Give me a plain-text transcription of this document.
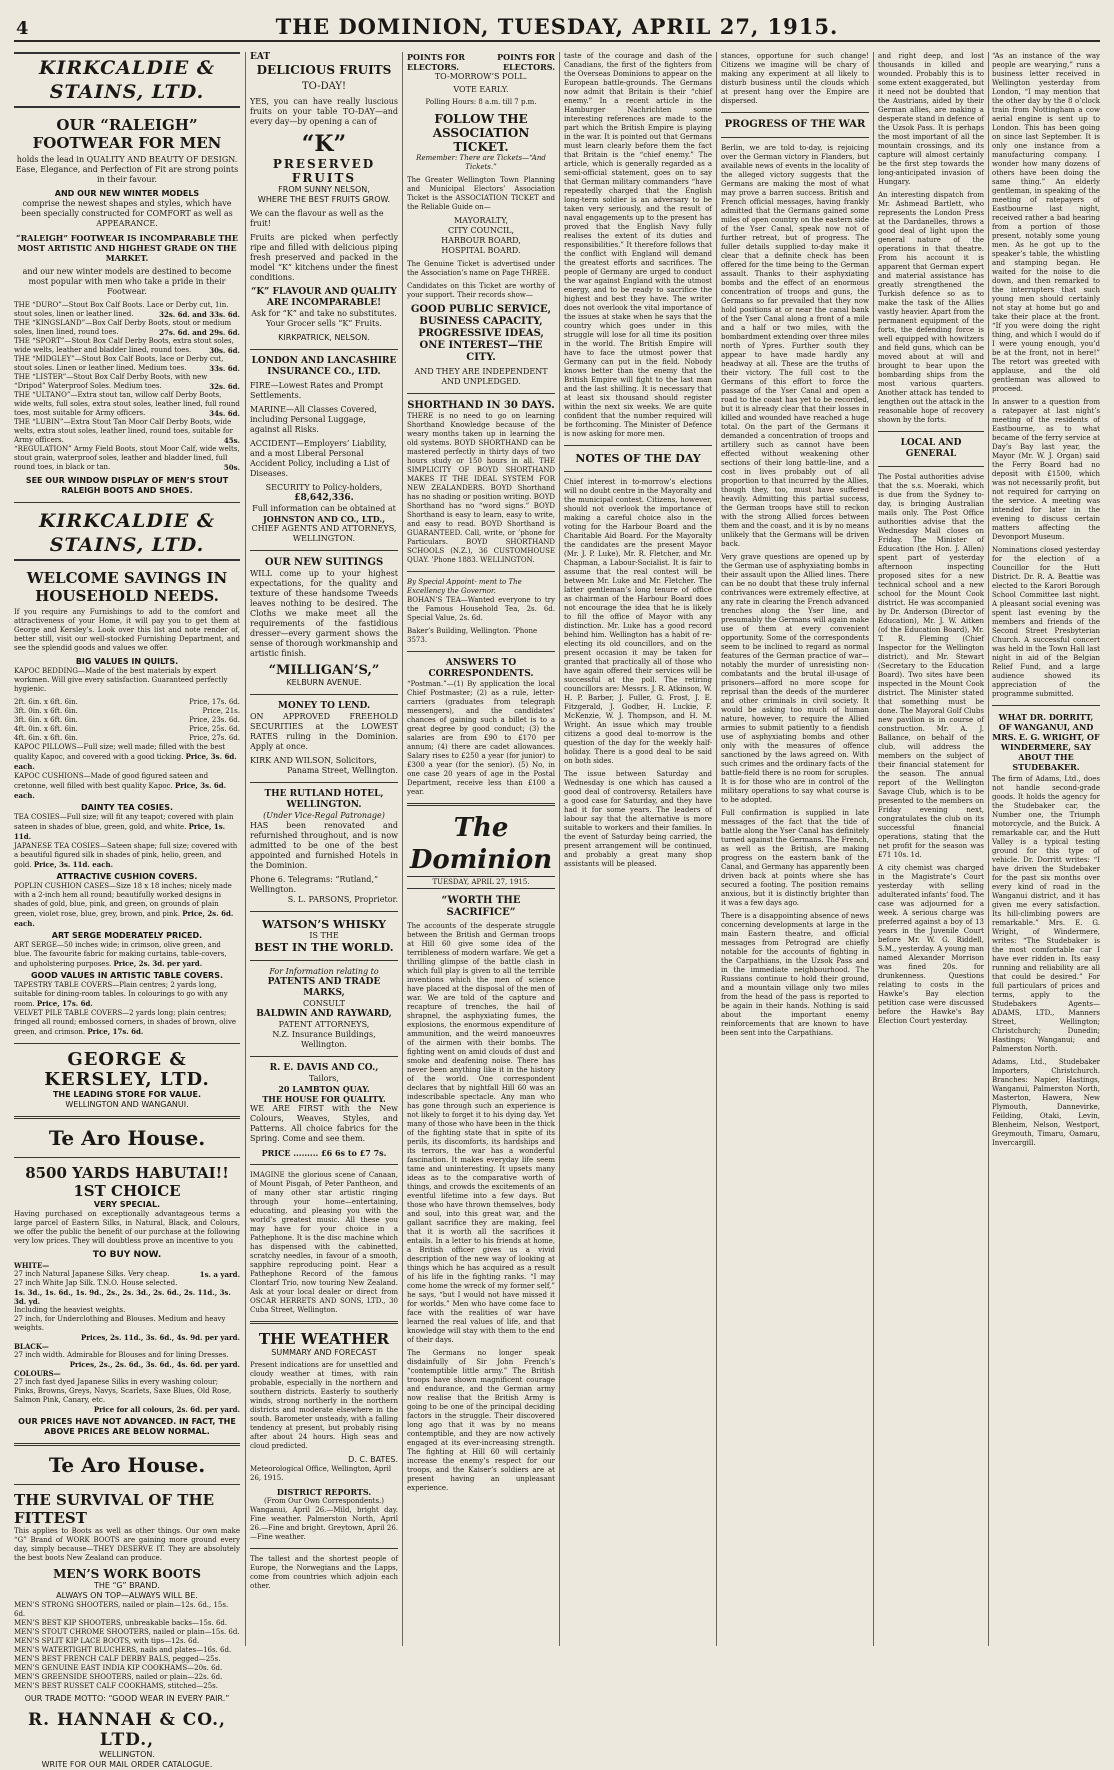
4	THE DOMINION, TUESDAY, APRIL 27, 1915.
KIRKCALDIE & STAINS, LTD.
OUR “RALEIGH” FOOTWEAR FOR MEN

holds the lead in QUALITY AND BEAUTY OF DESIGN. Ease, Elegance, and Perfection of Fit are strong points in their favour.

AND OUR NEW WINTER MODELS

comprise the newest shapes and styles, which have been specially constructed for COMFORT as well as APPEARANCE.

“RALEIGH” FOOTWEAR IS INCOMPARABLE THE MOST ARTISTIC AND HIGHEST GRADE ON THE MARKET.

and our new winter models are destined to become most popular with men who take a pride in their Footwear.

THE “DURO”—Stout Box Calf Boots. Lace or Derby cut, 1in. stout soles, linen or leather lined.	32s. 6d. and 33s. 6d.
THE “KINGSLAND”—Box Calf Derby Boots, stout or medium soles, linen lined, round toes.	27s. 6d. and 29s. 6d.
THE “SPORT”—Stout Box Calf Derby Boots, extra stout soles, wide welts, leather and bladder lined, round toes.	30s. 6d.
THE “MIDGLEY”—Stout Box Calf Boots, lace or Derby cut, stout soles. Linen or leather lined. Medium toes.	33s. 6d.
THE “LISTER”—Stout Box Calf Derby Boots, with new “Dripod” Waterproof Soles. Medium toes.	32s. 6d.
THE “ULTANO”—Extra stout tan, willow calf Derby Boots, wide welts, full soles, extra stout soles, leather lined, full round toes, most suitable for Army officers.	34s. 6d.
THE “LUBIN”—Extra Stout Tan Moor Calf Derby Boots, wide welts, extra stout soles, leather lined, round toes, suitable for Army officers.	45s.
“REGULATION” Army Field Boots, stout Moor Calf, wide welts, stout grain, waterproof soles, leather and bladder lined, full round toes, in black or tan.	50s.
SEE OUR WINDOW DISPLAY OF MEN’S STOUT RALEIGH BOOTS AND SHOES.
KIRKCALDIE & STAINS, LTD.
WELCOME SAVINGS IN HOUSEHOLD NEEDS.

If you require any Furnishings to add to the comfort and attractiveness of your Home, it will pay you to get them at George and Kersley’s. Look over this list and note render of, better still, visit our well-stocked Furnishing Department, and see the splendid goods and values we offer.

BIG VALUES IN QUILTS.

KAPOC BEDDING—Made of the best materials by expert workmen. Will give every satisfaction. Guaranteed perfectly hygienic.

2ft. 6in. x 6ft. 6in.	Price, 17s. 6d.
3ft. 0in. x 6ft. 6in.	Price, 21s.
3ft. 6in. x 6ft. 6in.	Price, 23s. 6d.
4ft. 0in. x 6ft. 6in.	Price, 25s. 6d.
4ft. 6in. x 6ft. 6in.	Price, 27s. 6d.
KAPOC PILLOWS—Full size; well made; filled with the best quality Kapoc, and covered with a good ticking. Price, 3s. 6d. each.
KAPOC CUSHIONS—Made of good figured sateen and cretonne, well filled with best quality Kapoc. Price, 3s. 6d. each.
DAINTY TEA COSIES.
TEA COSIES—Full size; will fit any teapot; covered with plain sateen in shades of blue, green, gold, and white. Price, 1s. 11d.
JAPANESE TEA COSIES—Sateen shape; full size; covered with a beautiful figured silk in shades of pink, helio, green, and gold. Price, 3s. 11d. each.
ATTRACTIVE CUSHION COVERS.
POPLIN CUSHION CASES—Size 18 x 18 inches; nicely made with a 2-inch hem all round; beautifully worked designs in shades of gold, blue, pink, and green, on grounds of plain green, violet rose, blue, grey, brown, and pink. Price, 2s. 6d. each.
ART SERGE MODERATELY PRICED.
ART SERGE—50 inches wide; in crimson, olive green, and blue. The favourite fabric for making curtains, table-covers, and upholstering purposes. Price, 2s. 3d. per yard.
GOOD VALUES IN ARTISTIC TABLE COVERS.
TAPESTRY TABLE COVERS—Plain centres; 2 yards long, suitable for dining-room tables. In colourings to go with any room. Price, 17s. 6d.
VELVET PILE TABLE COVERS—2 yards long; plain centres; fringed all round; embossed corners, in shades of brown, olive green, and crimson. Price, 17s. 6d.
GEORGE & KERSLEY, LTD.
THE LEADING STORE FOR VALUE.
WELLINGTON AND WANGANUI.
Te Aro House.
8500 YARDS HABUTAI!! 1ST CHOICE
VERY SPECIAL.

Having purchased on exceptionally advantageous terms a large parcel of Eastern Silks, in Natural, Black, and Colours, we offer the public the benefit of our purchase at the following very low prices. They will doubtless prove an incentive to you

TO BUY NOW.
WHITE—
27 inch Natural Japanese Silks. Very cheap.	1s. a yard.
27 inch White Jap Silk. T.N.O. House selected.
1s. 3d., 1s. 6d., 1s. 9d., 2s., 2s. 3d., 2s. 6d., 2s. 11d., 3s. 3d. yd.
Including the heaviest weights.
27 inch, for Underclothing and Blouses. Medium and heavy weights.
Prices, 2s. 11d., 3s. 6d., 4s. 9d. per yard.
BLACK—
27 inch width. Admirable for Blouses and for lining Dresses.
Prices, 2s., 2s. 6d., 3s. 6d., 4s. 6d. per yard.
COLOURS—
27 inch fast dyed Japanese Silks in every washing colour; Pinks, Browns, Greys, Navys, Scarlets, Saxe Blues, Old Rose, Salmon Pink, Canary, etc.
Price for all colours, 2s. 6d. per yard.
OUR PRICES HAVE NOT ADVANCED. IN FACT, THE ABOVE PRICES ARE BELOW NORMAL.
Te Aro House.
THE SURVIVAL OF THE FITTEST

This applies to Boots as well as other things. Our own make “G” Brand of WORK BOOTS are gaining more ground every day, simply because—THEY DESERVE IT. They are absolutely the best boots New Zealand can produce.

MEN’S WORK BOOTS
THE “G” BRAND.
ALWAYS ON TOP—ALWAYS WILL BE.
MEN’S STRONG SHOOTERS, nailed or plain—12s. 6d., 15s. 6d.
MEN’S BEST KIP SHOOTERS, unbreakable backs—15s. 6d.
MEN’S STOUT CHROME SHOOTERS, nailed or plain—15s. 6d.
MEN’S SPLIT KIP LACE BOOTS, with tips—12s. 6d.
MEN’S WATERTIGHT BLUCHERS, nails and plates—16s. 6d.
MEN’S BEST FRENCH CALF DERBY BALS, pegged—25s.
MEN’S GENUINE EAST INDIA KIP COOKHAMS—20s. 6d.
MEN’S GREENSIDE SHOOTERS, nailed or plain—22s. 6d.
MEN’S BEST RUSSET CALF COOKHAMS, stitched—25s.
OUR TRADE MOTTO: “GOOD WEAR IN EVERY PAIR.”
R. HANNAH & CO., LTD.,
WELLINGTON.
WRITE FOR OUR MAIL ORDER CATALOGUE.
EAT
DELICIOUS FRUITS
TO-DAY!

YES, you can have really luscious fruits on your table TO-DAY—and every day—by opening a can of

“K”
PRESERVED
FRUITS
FROM SUNNY NELSON,
WHERE THE BEST FRUITS GROW.

We can the flavour as well as the fruit!

Fruits are picked when perfectly ripe and filled with delicious piping fresh preserved and packed in the model “K” kitchens under the finest conditions.

“K” FLAVOUR AND QUALITY ARE INCOMPARABLE!

Ask for “K” and take no substitutes. Your Grocer sells “K” Fruits.

KIRKPATRICK, NELSON.
LONDON AND LANCASHIRE INSURANCE CO., LTD.

FIRE—Lowest Rates and Prompt Settlements.

MARINE—All Classes Covered, including Personal Luggage, against all Risks.

ACCIDENT—Employers’ Liability, and a most Liberal Personal Accident Policy, including a List of Diseases.

SECURITY to Policy-holders,
£8,642,336.
Full information can be obtained at
JOHNSTON AND CO., LTD.,
CHIEF AGENTS AND ATTORNEYS,
WELLINGTON.
OUR NEW SUITINGS

WILL come up to your highest expectations, for the quality and texture of these handsome Tweeds leaves nothing to be desired. The Cloths we make meet all the requirements of the fastidious dresser—every garment shows the sense of thorough workmanship and artistic finish.

“MILLIGAN’S,”
KELBURN AVENUE.
MONEY TO LEND.

ON APPROVED FREEHOLD SECURITIES at the LOWEST RATES ruling in the Dominion. Apply at once.

KIRK AND WILSON, Solicitors,
Panama Street, Wellington.
THE RUTLAND HOTEL, WELLINGTON.
(Under Vice-Regal Patronage)

HAS been renovated and refurnished throughout, and is now admitted to be one of the best appointed and furnished Hotels in the Dominion.

Phone 6. Telegrams: “Rutland,” Wellington.
S. L. PARSONS, Proprietor.
WATSON’S WHISKY
IS THE
BEST IN THE WORLD.
For Information relating to
PATENTS AND TRADE MARKS,
CONSULT
BALDWIN AND RAYWARD,
PATENT ATTORNEYS,
N.Z. Insurance Buildings, Wellington.
R. E. DAVIS AND CO.,
Tailors,
20 LAMBTON QUAY.
THE HOUSE FOR QUALITY.

WE ARE FIRST with the New Colours, Weaves, Styles, and Patterns. All choice fabrics for the Spring. Come and see them.

PRICE ......... £6 6s to £7 7s.

IMAGINE the glorious scene of Canaan, of Mount Pisgah, of Peter Pantheon, and of many other star artistic ringing through your home—entertaining, educating, and pleasing you with the world’s greatest music. All these you may have for your choice in a Pathephone. It is the disc machine which has dispensed with the cabinetted, scratchy needles, in favour of a smooth, sapphire reproducing point. Hear a Pathephone Record of the famous Clontarf Trio, now touring New Zealand. Ask at your local dealer or direct from OSCAR HERRETS AND SONS, LTD., 30 Cuba Street, Wellington.

THE WEATHER
SUMMARY AND FORECAST

Present indications are for unsettled and cloudy weather at times, with rain probable, especially in the northern and southern districts. Easterly to southerly winds, strong northerly in the northern districts and moderate elsewhere in the south. Barometer unsteady, with a falling tendency at present, but probably rising after about 24 hours. High seas and cloud predicted.

D. C. BATES.
Meteorological Office, Wellington, April 26, 1915.
DISTRICT REPORTS.
(From Our Own Correspondents.)

Wanganui, April 26.—Mild, bright day. Fine weather. Palmerston North, April 26.—Fine and bright. Greytown, April 26.—Fine weather.

The tallest and the shortest people of Europe, the Norwegians and the Lapps, come from countries which adjoin each other.

POINTS FOR ELECTORS.
POINTS FOR ELECTORS.
TO-MORROW’S POLL.
VOTE EARLY.
Polling Hours: 8 a.m. till 7 p.m.
FOLLOW THE ASSOCIATION TICKET.
Remember: There are Tickets—“And Tickets.”

The Greater Wellington Town Planning and Municipal Electors’ Association Ticket is the ASSOCIATION TICKET and the Reliable Guide on—

MAYORALTY,
CITY COUNCIL,
HARBOUR BOARD,
HOSPITAL BOARD.

The Genuine Ticket is advertised under the Association’s name on Page THREE.

Candidates on this Ticket are worthy of your support. Their records show—

GOOD PUBLIC SERVICE,
BUSINESS CAPACITY,
PROGRESSIVE IDEAS,
ONE INTEREST—THE CITY.
AND THEY ARE INDEPENDENT AND UNPLEDGED.
SHORTHAND IN 30 DAYS.

THERE is no need to go on learning Shorthand Knowledge because of the weary months taken up in learning the old systems. BOYD SHORTHAND can be mastered perfectly in thirty days of two hours study or 150 hours in all. THE SIMPLICITY OF BOYD SHORTHAND MAKES IT THE IDEAL SYSTEM FOR NEW ZEALANDERS. BOYD Shorthand has no shading or position writing. BOYD Shorthand has no “word signs.” BOYD Shorthand is easy to learn, easy to write, and easy to read. BOYD Shorthand is GUARANTEED. Call, write, or ’phone for Particulars. BOYD SHORTHAND SCHOOLS (N.Z.), 36 CUSTOMHOUSE QUAY. ’Phone 1883. WELLINGTON.

By Special Appoint- ment to The Excellency the Governor.

BOHAN’S TEA—Wanted everyone to try the Famous Household Tea, 2s. 6d. Special Value, 2s. 6d.

Baker’s Building, Wellington. ’Phone 3573.
ANSWERS TO CORRESPONDENTS.

“Postman.”—(1) By application the local Chief Postmaster; (2) as a rule, letter-carriers (graduates from telegraph messengers), and the candidates’ chances of gaining such a billet is to a great degree by good conduct; (3) the salaries are from £90 to £170 per annum; (4) there are cadet allowances. Salary rises to £250 a year (for junior) to £300 a year (for the senior). (5) No, in one case 20 years of age in the Postal Department, receive less than £100 a year.

The Dominion
TUESDAY, APRIL 27, 1915.
“WORTH THE SACRIFICE”

The accounts of the desperate struggle between the British and German troops at Hill 60 give some idea of the terribleness of modern warfare. We get a thrilling glimpse of the battle clash in which full play is given to all the terrible inventions which the men of science have placed at the disposal of the men of war. We are told of the capture and recapture of trenches, the hail of shrapnel, the asphyxiating fumes, the explosions, the enormous expenditure of ammunition, and the weird manoeuvres of the airmen with their bombs. The fighting went on amid clouds of dust and smoke and deafening noise. There has never been anything like it in the history of the world. One correspondent declares that by nightfall Hill 60 was an indescribable spectacle. Any man who has gone through such an experience is not likely to forget it to his dying day. Yet many of those who have been in the thick of the fighting state that in spite of its perils, its discomforts, its hardships and its terrors, the war has a wonderful fascination. It makes everyday life seem tame and uninteresting. It upsets many ideas as to the comparative worth of things, and crowds the excitements of an eventful lifetime into a few days. But those who have thrown themselves, body and soul, into this great war, and the gallant sacrifice they are making, feel that it is worth all the sacrifices it entails. In a letter to his friends at home, a British officer gives us a vivid description of the new way of looking at things which he has acquired as a result of his life in the fighting ranks. “I may come home the wreck of my former self,” he says, “but I would not have missed it for worlds.” Men who have come face to face with the realities of war have learned the real values of life, and that knowledge will stay with them to the end of their days.

The Germans no longer speak disdainfully of Sir John French’s “contemptible little army.” The British troops have shown magnificent courage and endurance, and the German army now realise that the British Army is going to be one of the principal deciding factors in the struggle. Their discovered long ago that it was by no means contemptible, and they are now actively engaged at its ever-increasing strength. The fighting at Hill 60 will certainly increase the enemy’s respect for our troops, and the Kaiser’s soldiers are at present having an unpleasant experience.

taste of the courage and dash of the Canadians, the first of the fighters from the Overseas Dominions to appear on the European battle-grounds. The Germans now admit that Britain is their “chief enemy.” In a recent article in the Hamburger Nachrichten some interesting references are made to the part which the British Empire is playing in the war. It is pointed out that Germans must learn clearly before them the fact that Britain is the “chief enemy.” The article, which is generally regarded as a semi-official statement, goes on to say that German military commanders “have repeatedly charged that the English long-term soldier is an adversary to be taken very seriously, and the result of naval engagements up to the present has proved that the English Navy fully realises the extent of its duties and responsibilities.” It therefore follows that the conflict with England will demand the greatest efforts and sacrifices. The people of Germany are urged to conduct the war against England with the utmost energy, and to be ready to sacrifice the highest and best they have. The writer does not overlook the vital importance of the issues at stake when he says that the country which goes under in this struggle will lose for all time its position in the world. The British Empire will have to face the utmost power that Germany can put in the field. Nobody knows better than the enemy that the British Empire will fight to the last man and the last shilling. It is necessary that at least six thousand should register within the next six weeks. We are quite confident that the number required will be forthcoming. The Minister of Defence is now asking for more men.

NOTES OF THE DAY

Chief interest in to-morrow’s elections will no doubt centre in the Mayoralty and the municipal contest. Citizens, however, should not overlook the importance of making a careful choice also in the voting for the Harbour Board and the Charitable Aid Board. For the Mayoralty the candidates are the present Mayor (Mr. J. P. Luke), Mr. R. Fletcher, and Mr. Chapman, a Labour-Socialist. It is fair to assume that the real contest will be between Mr. Luke and Mr. Fletcher. The latter gentleman’s long tenure of office as chairman of the Harbour Board does not encourage the idea that he is likely to fill the office of Mayor with any distinction. Mr. Luke has a good record behind him. Wellington has a habit of re-electing its old councillors, and on the present occasion it may be taken for granted that practically all of those who have again offered their services will be successful at the poll. The retiring councillors are: Messrs. J. R. Atkinson, W. H. P. Barber, J. Fuller, G. Frost, J. E. Fitzgerald, J. Godber, H. Luckie, F. McKenzie, W. J. Thompson, and H. M. Wright. An issue which may trouble citizens a good deal to-morrow is the question of the day for the weekly half-holiday. There is a good deal to be said on both sides.

The issue between Saturday and Wednesday is one which has caused a good deal of controversy. Retailers have a good case for Saturday, and they have had it for some years. The leaders of labour say that the alternative is more suitable to workers and their families. In the event of Saturday being carried, the present arrangement will be continued, and probably a great many shop assistants will be pleased.

stances, opportune for such change! Citizens we imagine will be chary of making any experiment at all likely to disturb business until the clouds which at present hang over the Empire are dispersed.

PROGRESS OF THE WAR

Berlin, we are told to-day, is rejoicing over the German victory in Flanders, but available news of events in the locality of the alleged victory suggests that the Germans are making the most of what may prove a barren success. British and French official messages, having frankly admitted that the Germans gained some miles of open country on the eastern side of the Yser Canal, speak now not of further retreat, but of progress. The fuller details supplied to-day make it clear that a definite check has been offered for the time being to the German assault. Thanks to their asphyxiating bombs and the effect of an enormous concentration of troops and guns, the Germans so far prevailed that they now hold positions at or near the canal bank of the Yser Canal along a front of a mile and a half or two miles, with the bombardment extending over three miles north of Ypres. Further south they appear to have made hardly any headway at all. These are the truths of their victory. The full cost to the Germans of this effort to force the passage of the Yser Canal and open a road to the coast has yet to be recorded, but it is already clear that their losses in killed and wounded have reached a huge total. On the part of the Germans it demanded a concentration of troops and artillery such as cannot have been effected without weakening other sections of their long battle-line, and a cost in lives probably out of all proportion to that incurred by the Allies, though they, too, must have suffered heavily. Admitting this partial success, the German troops have still to reckon with the strong Allied forces between them and the coast, and it is by no means unlikely that the Germans will be driven back.

Very grave questions are opened up by the German use of asphyxiating bombs in their assault upon the Allied lines. There can be no doubt that these truly infernal contrivances were extremely effective, at any rate in clearing the French advanced trenches along the Yser line, and presumably the Germans will again make use of them at every convenient opportunity. Some of the correspondents seem to be inclined to regard as normal features of the German practice of war—notably the murder of unresisting non-combatants and the brutal ill-usage of prisoners—afford no more scope for reprisal than the deeds of the murderer and other criminals in civil society. It would be asking too much of human nature, however, to require the Allied armies to submit patiently to a fiendish use of asphyxiating bombs and other only with the measures of offence sanctioned by the laws agreed on. With such crimes and the ordinary facts of the battle-field there is no room for scruples. It is for those who are in control of the military operations to say what course is to be adopted.

Full confirmation is supplied in late messages of the fact that the tide of battle along the Yser Canal has definitely turned against the Germans. The French, as well as the British, are making progress on the eastern bank of the Canal, and Germany has apparently been driven back at points where she has secured a footing. The position remains anxious, but it is distinctly brighter than it was a few days ago.

There is a disappointing absence of news concerning developments at large in the main Eastern theatre, and official messages from Petrograd are chiefly notable for the accounts of fighting in the Carpathians, in the Uzsok Pass and in the immediate neighbourhood. The Russians continue to hold their ground, and a mountain village only two miles from the head of the pass is reported to be again in their hands. Nothing is said about the important enemy reinforcements that are known to have been sent into the Carpathians.

and right deep, and lost thousands in killed and wounded. Probably this is to some extent exaggerated, but it need not be doubted that the Austrians, aided by their German allies, are making a desperate stand in defence of the Uzsok Pass. It is perhaps the most important of all the mountain crossings, and its capture will almost certainly be the first step towards the long-anticipated invasion of Hungary.

An interesting dispatch from Mr. Ashmead Bartlett, who represents the London Press at the Dardanelles, throws a good deal of light upon the general nature of the operations in that theatre. From his account it is apparent that German expert and material assistance has greatly strengthened the Turkish defence so as to make the task of the Allies vastly heavier. Apart from the permanent equipment of the forts, the defending force is well equipped with howitzers and field guns, which can be moved about at will and brought to bear upon the bombarding ships from the most various quarters. Another attack has tended to lengthen out the attack in the reasonable hope of recovery shown by the forts.

LOCAL AND GENERAL

The Postal authorities advise that the s.s. Moeraki, which is due from the Sydney to-day, is bringing Australian mails only. The Post Office authorities advise that the Wednesday Mail closes on Friday. The Minister of Education (the Hon. J. Allen) spent part of yesterday afternoon inspecting proposed sites for a new technical school and a new school for the Mount Cook district. He was accompanied by Dr. Anderson (Director of Education), Mr. J. W. Aitken (of the Education Board), Mr. T. R. Fleming (Chief Inspector for the Wellington district), and Mr. Stewart (Secretary to the Education Board). Two sites have been inspected in the Mount Cook district. The Minister stated that something must be done. The Mayoral Golf Clubs new pavilion is in course of construction. Mr. A. J. Ballance, on behalf of the club, will address the members on the subject of their financial statement for the season. The annual report of the Wellington Savage Club, which is to be presented to the members on Friday evening next, congratulates the club on its successful financial operations, stating that the net profit for the season was £71 10s. 1d.

A city chemist was charged in the Magistrate’s Court yesterday with selling adulterated infants’ food. The case was adjourned for a week. A serious charge was preferred against a boy of 13 years in the Juvenile Court before Mr. W. G. Riddell, S.M., yesterday. A young man named Alexander Morrison was fined 20s. for drunkenness. Questions relating to costs in the Hawke’s Bay election petition case were discussed before the Hawke’s Bay Election Court yesterday.

“As an instance of the way people are wearying,” runs a business letter received in Wellington yesterday from London, “I may mention that the other day by the 8 o’clock train from Nottingham a cow aerial engine is sent up to London. This has been going on since last September. It is only one instance from a manufacturing company. I wonder how many dozens of others have been doing the same thing.” An elderly gentleman, in speaking of the meeting of ratepayers of Eastbourne last night, received rather a bad hearing from a portion of those present, notably some young men. As he got up to the speaker’s table, the whistling and stamping began. He waited for the noise to die down, and then remarked to the interrupters that such young men should certainly not stay at home but go and take their place at the front. “If you were doing the right thing, and which I would do if I were young enough, you’d be at the front, not in here!” The retort was greeted with applause, and the old gentleman was allowed to proceed.

In answer to a question from a ratepayer at last night’s meeting of the residents of Eastbourne, as to what became of the ferry service at Day’s Bay last year, the Mayor (Mr. W. J. Organ) said the Ferry Board had no deposit with £1500, which was not necessarily profit, but not required for carrying on the service. A meeting was intended for later in the evening to discuss certain matters affecting the Devonport Museum.

Nominations closed yesterday for the election of a Councillor for the Hutt District. Dr. R. A. Beattie was elected to the Karori Borough School Committee last night. A pleasant social evening was spent last evening by the members and friends of the Second Street Presbyterian Church. A successful concert was held in the Town Hall last night in aid of the Belgian Relief Fund, and a large audience showed its appreciation of the programme submitted.

WHAT DR. DORRITT, OF WANGANUI, AND MRS. E. G. WRIGHT, OF WINDERMERE, SAY ABOUT THE STUDEBAKER.

The firm of Adams, Ltd., does not handle second-grade goods. It holds the agency for the Studebaker car, the Number one, the Triumph motorcycle, and the Buick. A remarkable car, and the Hutt Valley is a typical testing ground for this type of vehicle. Dr. Dorritt writes: “I have driven the Studebaker for the past six months over every kind of road in the Wanganui district, and it has given me every satisfaction. Its hill-climbing powers are remarkable.” Mrs. E. G. Wright, of Windermere, writes: “The Studebaker is the most comfortable car I have ever ridden in. Its easy running and reliability are all that could be desired.” For full particulars of prices and terms, apply to the Studebakers Agents—ADAMS, LTD., Manners Street, Wellington; Christchurch; Dunedin; Hastings; Wanganui; and Palmerston North.

Adams, Ltd., Studebaker Importers, Christchurch. Branches: Napier, Hastings, Wanganui, Palmerston North, Masterton, Hawera, New Plymouth, Dannevirke, Feilding, Otaki, Levin, Blenheim, Nelson, Westport, Greymouth, Timaru, Oamaru, Invercargill.
